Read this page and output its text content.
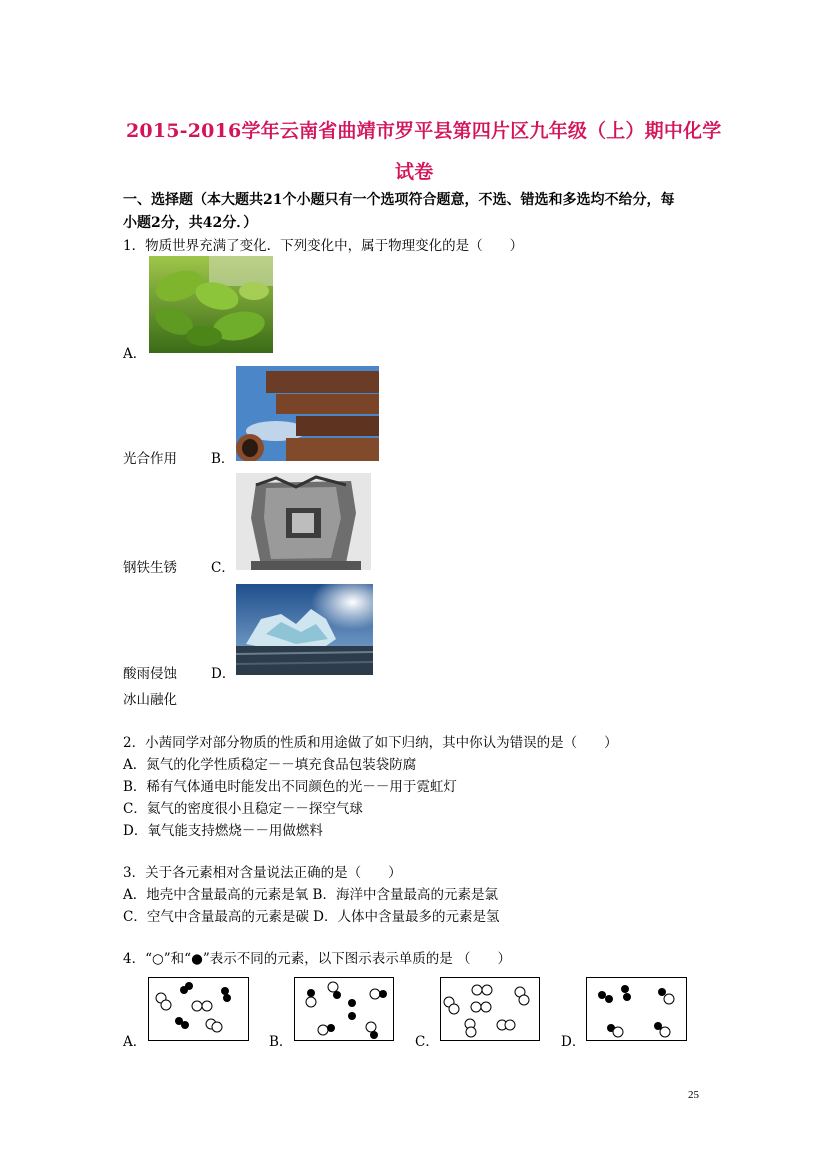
2015-2016学年云南省曲靖市罗平县第四片区九年级（上）期中化学
试卷
一、选择题（本大题共21个小题只有一个选项符合题意，不选、错选和多选均不给分，每
小题2分，共42分．）
1．物质世界充满了变化．下列变化中，属于物理变化的是（　　）
A．
光合作用	B．
钢铁生锈	C．
酸雨侵蚀	D．
冰山融化
2．小茜同学对部分物质的性质和用途做了如下归纳，其中你认为错误的是（　　）
A．氮气的化学性质稳定－－填充食品包装袋防腐
B．稀有气体通电时能发出不同颜色的光－－用于霓虹灯
C．氦气的密度很小且稳定－－探空气球
D．氧气能支持燃烧－－用做燃料
3．关于各元素相对含量说法正确的是（　　）
A．地壳中含量最高的元素是氧 B．海洋中含量最高的元素是氯
C．空气中含量最高的元素是碳 D．人体中含量最多的元素是氢
4．“○”和“●”表示不同的元素，以下图示表示单质的是 （　　）
A．	B．	C．	D．
25
